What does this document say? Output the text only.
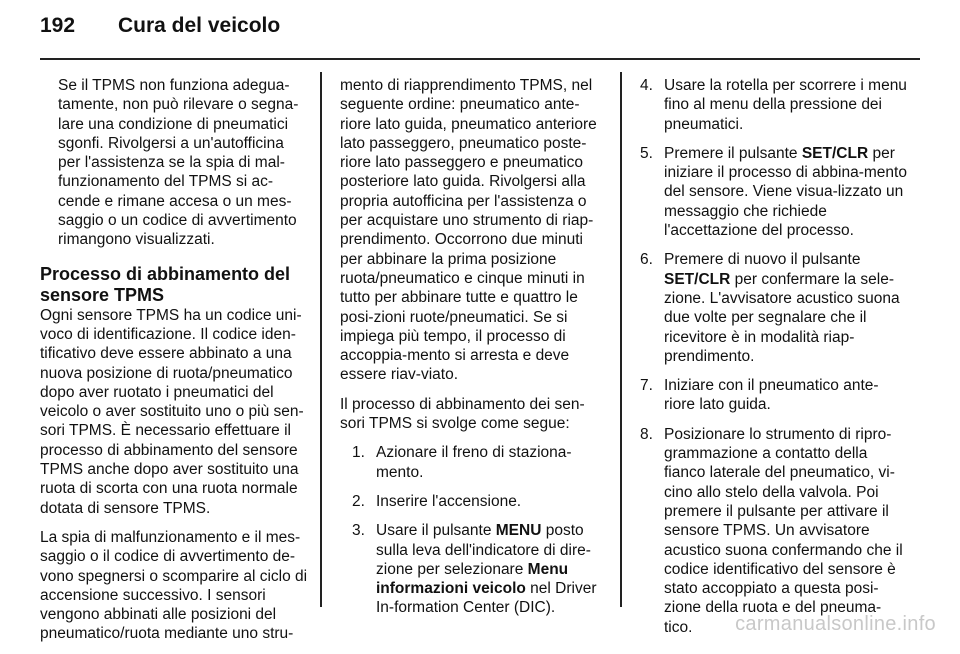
192 Cura del veicolo

Se il TPMS non funziona adegua-tamente, non può rilevare o segna-lare una condizione di pneumatici sgonfi. Rivolgersi a un'autofficina per l'assistenza se la spia di mal-funzionamento del TPMS si ac-cende e rimane accesa o un mes-saggio o un codice di avvertimento rimangono visualizzati.

Processo di abbinamento del sensore TPMS

Ogni sensore TPMS ha un codice uni-voco di identificazione. Il codice iden-tificativo deve essere abbinato a una nuova posizione di ruota/pneumatico dopo aver ruotato i pneumatici del veicolo o aver sostituito uno o più sen-sori TPMS. È necessario effettuare il processo di abbinamento del sensore TPMS anche dopo aver sostituito una ruota di scorta con una ruota normale dotata di sensore TPMS.

La spia di malfunzionamento e il mes-saggio o il codice di avvertimento de-vono spegnersi o scomparire al ciclo di accensione successivo. I sensori vengono abbinati alle posizioni del pneumatico/ruota mediante uno stru-

mento di riapprendimento TPMS, nel seguente ordine: pneumatico ante-riore lato guida, pneumatico anteriore lato passeggero, pneumatico poste-riore lato passeggero e pneumatico posteriore lato guida. Rivolgersi alla propria autofficina per l'assistenza o per acquistare uno strumento di riap-prendimento. Occorrono due minuti per abbinare la prima posizione ruota/pneumatico e cinque minuti in tutto per abbinare tutte e quattro le posi-zioni ruote/pneumatici. Se si impiega più tempo, il processo di accoppia-mento si arresta e deve essere riav-viato.

Il processo di abbinamento dei sen-sori TPMS si svolge come segue:

1. Azionare il freno di staziona-mento.
2. Inserire l'accensione.
3. Usare il pulsante MENU posto sulla leva dell'indicatore di dire-zione per selezionare Menu informazioni veicolo nel Driver In-formation Center (DIC).
4. Usare la rotella per scorrere i menu fino al menu della pressione dei pneumatici.
5. Premere il pulsante SET/CLR per iniziare il processo di abbina-mento del sensore. Viene visua-lizzato un messaggio che richiede l'accettazione del processo.
6. Premere di nuovo il pulsante SET/CLR per confermare la sele-zione. L'avvisatore acustico suona due volte per segnalare che il ricevitore è in modalità riap-prendimento.
7. Iniziare con il pneumatico ante-riore lato guida.
8. Posizionare lo strumento di ripro-grammazione a contatto della fianco laterale del pneumatico, vi-cino allo stelo della valvola. Poi premere il pulsante per attivare il sensore TPMS. Un avvisatore acustico suona confermando che il codice identificativo del sensore è stato accoppiato a questa posi-zione della ruota e del pneuma-tico.	carmanualsonline.info
